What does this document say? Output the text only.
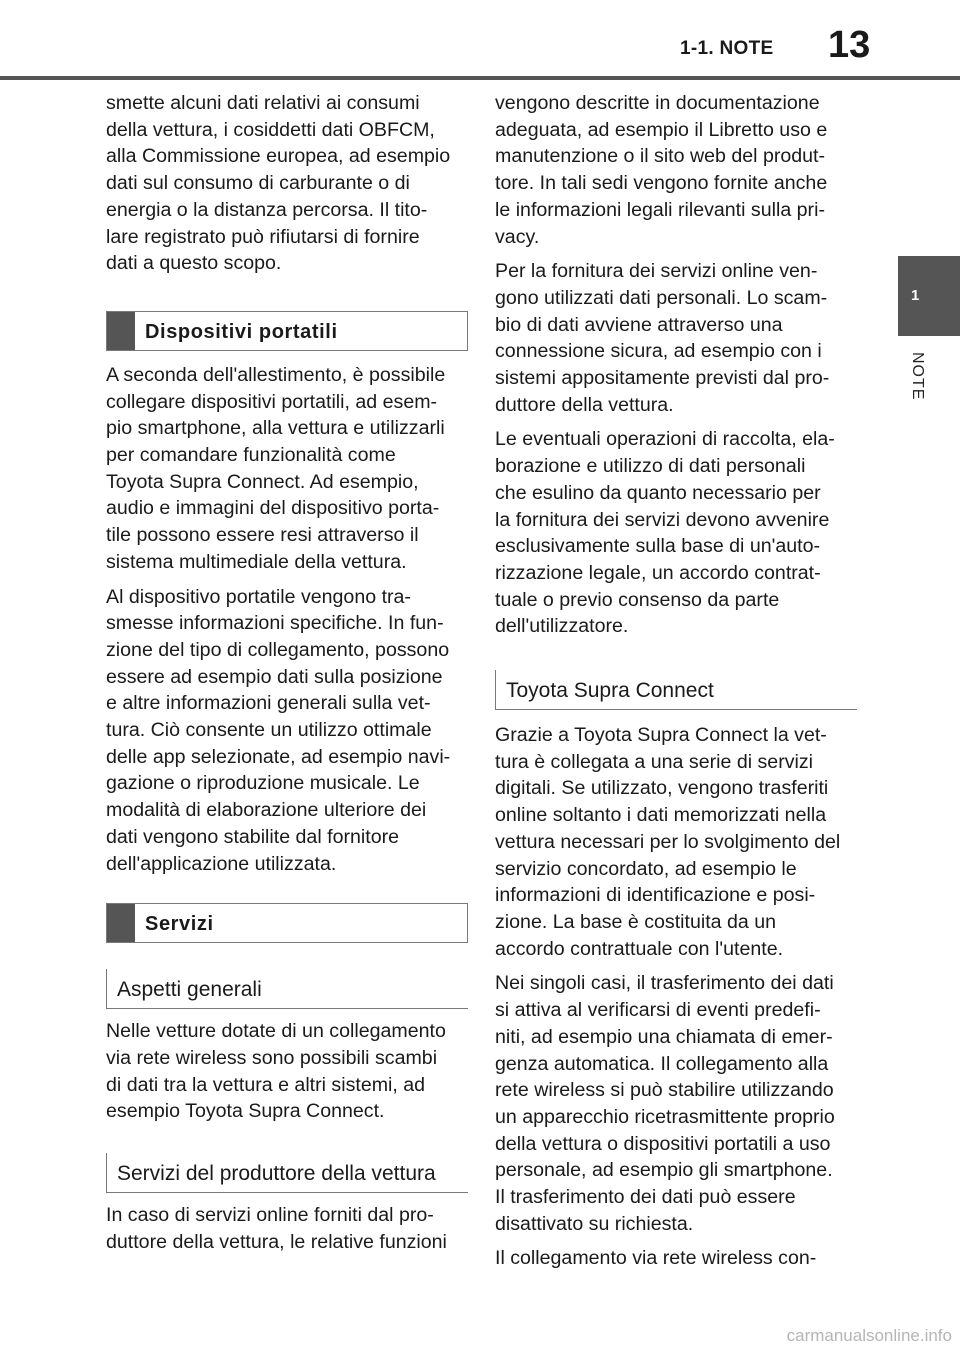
1-1. NOTE 13
1
NOTE

smette alcuni dati relativi ai consumi
della vettura, i cosiddetti dati OBFCM,
alla Commissione europea, ad esempio
dati sul consumo di carburante o di
energia o la distanza percorsa. Il tito-
lare registrato può rifiutarsi di fornire
dati a questo scopo.

Dispositivi portatili

A seconda dell'allestimento, è possibile
collegare dispositivi portatili, ad esem-
pio smartphone, alla vettura e utilizzarli
per comandare funzionalità come
Toyota Supra Connect. Ad esempio,
audio e immagini del dispositivo porta-
tile possono essere resi attraverso il
sistema multimediale della vettura.

Al dispositivo portatile vengono tra-
smesse informazioni specifiche. In fun-
zione del tipo di collegamento, possono
essere ad esempio dati sulla posizione
e altre informazioni generali sulla vet-
tura. Ciò consente un utilizzo ottimale
delle app selezionate, ad esempio navi-
gazione o riproduzione musicale. Le
modalità di elaborazione ulteriore dei
dati vengono stabilite dal fornitore
dell'applicazione utilizzata.

Servizi
Aspetti generali

Nelle vetture dotate di un collegamento
via rete wireless sono possibili scambi
di dati tra la vettura e altri sistemi, ad
esempio Toyota Supra Connect.

Servizi del produttore della vettura

In caso di servizi online forniti dal pro-
duttore della vettura, le relative funzioni

vengono descritte in documentazione
adeguata, ad esempio il Libretto uso e
manutenzione o il sito web del produt-
tore. In tali sedi vengono fornite anche
le informazioni legali rilevanti sulla pri-
vacy.

Per la fornitura dei servizi online ven-
gono utilizzati dati personali. Lo scam-
bio di dati avviene attraverso una
connessione sicura, ad esempio con i
sistemi appositamente previsti dal pro-
duttore della vettura.

Le eventuali operazioni di raccolta, ela-
borazione e utilizzo di dati personali
che esulino da quanto necessario per
la fornitura dei servizi devono avvenire
esclusivamente sulla base di un'auto-
rizzazione legale, un accordo contrat-
tuale o previo consenso da parte
dell'utilizzatore.

Toyota Supra Connect

Grazie a Toyota Supra Connect la vet-
tura è collegata a una serie di servizi
digitali. Se utilizzato, vengono trasferiti
online soltanto i dati memorizzati nella
vettura necessari per lo svolgimento del
servizio concordato, ad esempio le
informazioni di identificazione e posi-
zione. La base è costituita da un
accordo contrattuale con l'utente.

Nei singoli casi, il trasferimento dei dati
si attiva al verificarsi di eventi predefi-
niti, ad esempio una chiamata di emer-
genza automatica. Il collegamento alla
rete wireless si può stabilire utilizzando
un apparecchio ricetrasmittente proprio
della vettura o dispositivi portatili a uso
personale, ad esempio gli smartphone.
Il trasferimento dei dati può essere
disattivato su richiesta.

Il collegamento via rete wireless con-

carmanualsonline.info
